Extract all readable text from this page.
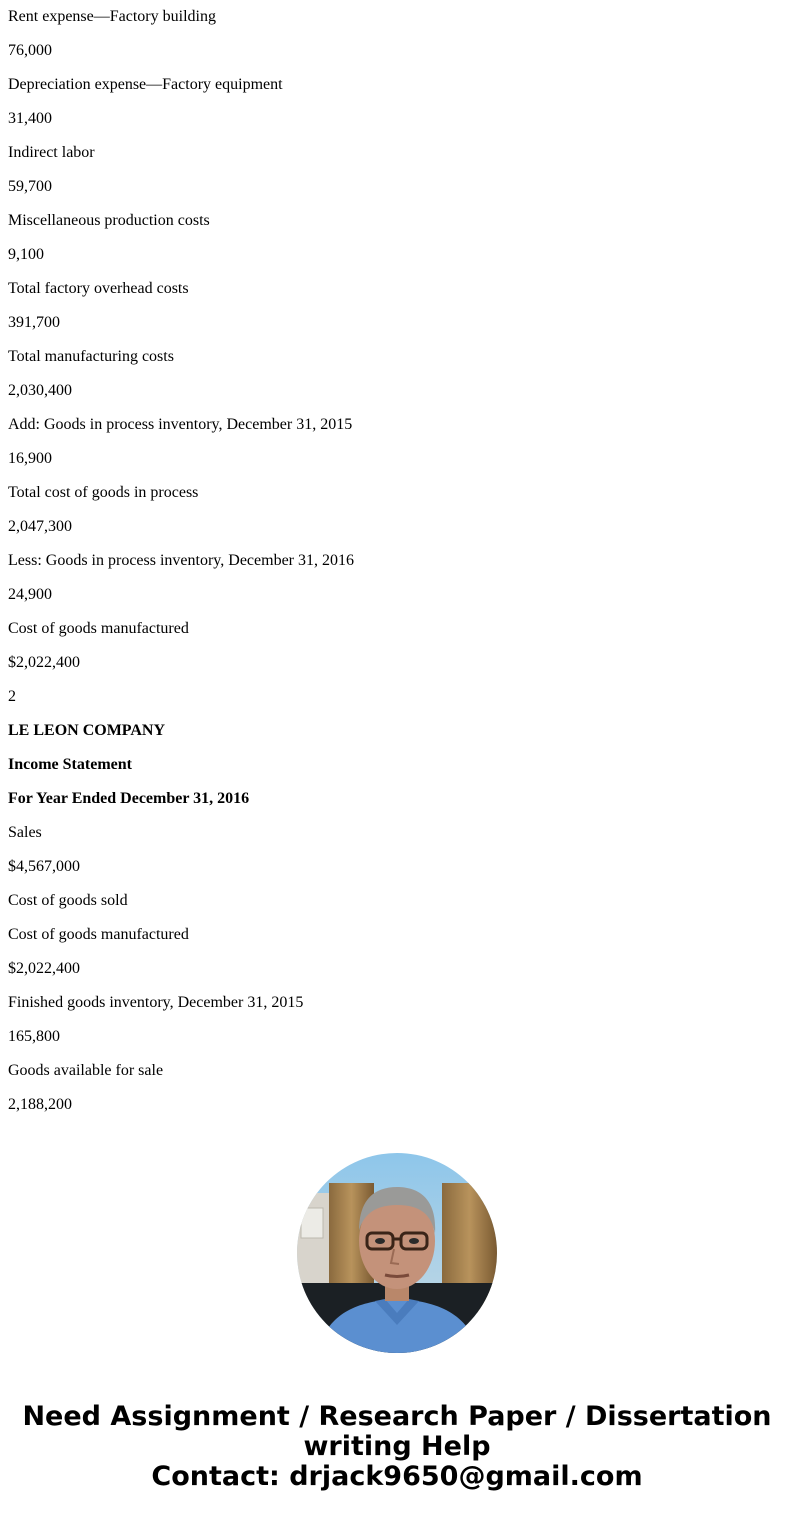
Rent expense—Factory building

76,000

Depreciation expense—Factory equipment

31,400

Indirect labor

59,700

Miscellaneous production costs

9,100

Total factory overhead costs

391,700

Total manufacturing costs

2,030,400

Add: Goods in process inventory, December 31, 2015

16,900

Total cost of goods in process

2,047,300

Less: Goods in process inventory, December 31, 2016

24,900

Cost of goods manufactured

$2,022,400

2

LE LEON COMPANY

Income Statement

For Year Ended December 31, 2016

Sales

$4,567,000

Cost of goods sold

Cost of goods manufactured

$2,022,400

Finished goods inventory, December 31, 2015

165,800

Goods available for sale

2,188,200

Need Assignment / Research Paper / Dissertation
writing Help
Contact: drjack9650@gmail.com
